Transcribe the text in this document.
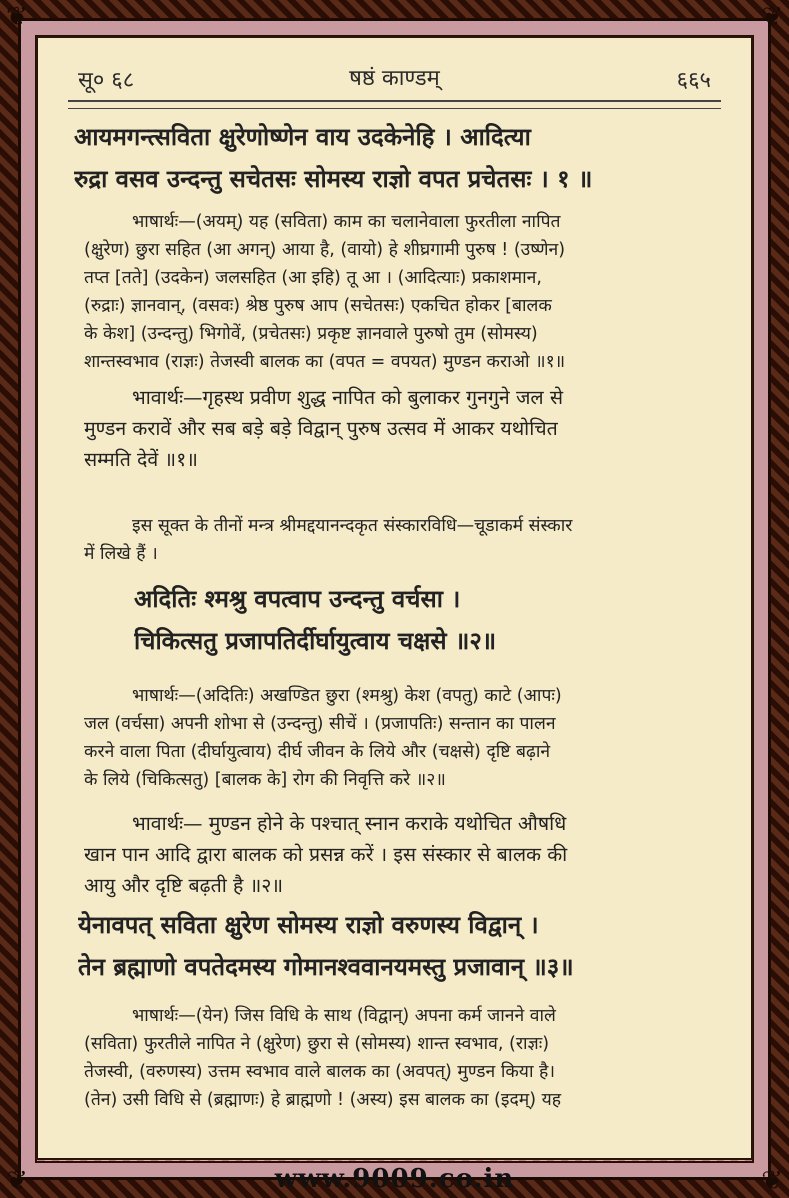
❦	❦
❦	❦
सू० ६८	षष्ठं काण्डम्	६६५
आयमगन्त्सविता क्षुरेणोष्णेन वाय उदकेनेहि । आदित्या
रुद्रा वसव उन्दन्तु सचेतसः सोमस्य राज्ञो वपत प्रचेतसः । १ ॥
भाषार्थः—(अयम्) यह (सविता) काम का चलानेवाला फुरतीला नापित
(क्षुरेण) छुरा सहित (आ अगन्) आया है, (वायो) हे शीघ्रगामी पुरुष ! (उष्णेन)
तप्त [तते] (उदकेन) जलसहित (आ इहि) तू आ । (आदित्याः) प्रकाशमान,
(रुद्राः) ज्ञानवान्, (वसवः) श्रेष्ठ पुरुष आप (सचेतसः) एकचित होकर [बालक
के केश] (उन्दन्तु) भिगोवें, (प्रचेतसः) प्रकृष्ट ज्ञानवाले पुरुषो तुम (सोमस्य)
शान्तस्वभाव (राज्ञः) तेजस्वी बालक का (वपत = वपयत) मुण्डन कराओ ॥१॥
भावार्थः—गृहस्थ प्रवीण शुद्ध नापित को बुलाकर गुनगुने जल से
मुण्डन करावें और सब बड़े बड़े विद्वान् पुरुष उत्सव में आकर यथोचित
सम्मति देवें ॥१॥
इस सूक्त के तीनों मन्त्र श्रीमद्दयानन्दकृत संस्कारविधि—चूडाकर्म संस्कार
में लिखे हैं ।
अदितिः श्मश्रु वपत्वाप उन्दन्तु वर्चसा ।
चिकित्सतु प्रजापतिर्दीर्घायुत्वाय चक्षसे ॥२॥
भाषार्थः—(अदितिः) अखण्डित छुरा (श्मश्रु) केश (वपतु) काटे (आपः)
जल (वर्चसा) अपनी शोभा से (उन्दन्तु) सीचें । (प्रजापतिः) सन्तान का पालन
करने वाला पिता (दीर्घायुत्वाय) दीर्घ जीवन के लिये और (चक्षसे) दृष्टि बढ़ाने
के लिये (चिकित्सतु) [बालक के] रोग की निवृत्ति करे ॥२॥
भावार्थः— मुण्डन होने के पश्चात् स्नान कराके यथोचित औषधि
खान पान आदि द्वारा बालक को प्रसन्न करें । इस संस्कार से बालक की
आयु और दृष्टि बढ़ती है ॥२॥
येनावपत् सविता क्षुरेण सोमस्य राज्ञो वरुणस्य विद्वान् ।
तेन ब्रह्माणो वपतेदमस्य गोमानश्ववानयमस्तु प्रजावान् ॥३॥
भाषार्थः—(येन) जिस विधि के साथ (विद्वान्) अपना कर्म जानने वाले
(सविता) फुरतीले नापित ने (क्षुरेण) छुरा से (सोमस्य) शान्त स्वभाव, (राज्ञः)
तेजस्वी, (वरुणस्य) उत्तम स्वभाव वाले बालक का (अवपत्) मुण्डन किया है।
(तेन) उसी विधि से (ब्रह्माणः) हे ब्राह्मणो ! (अस्य) इस बालक का (इदम्) यह
www.9009.co.in
